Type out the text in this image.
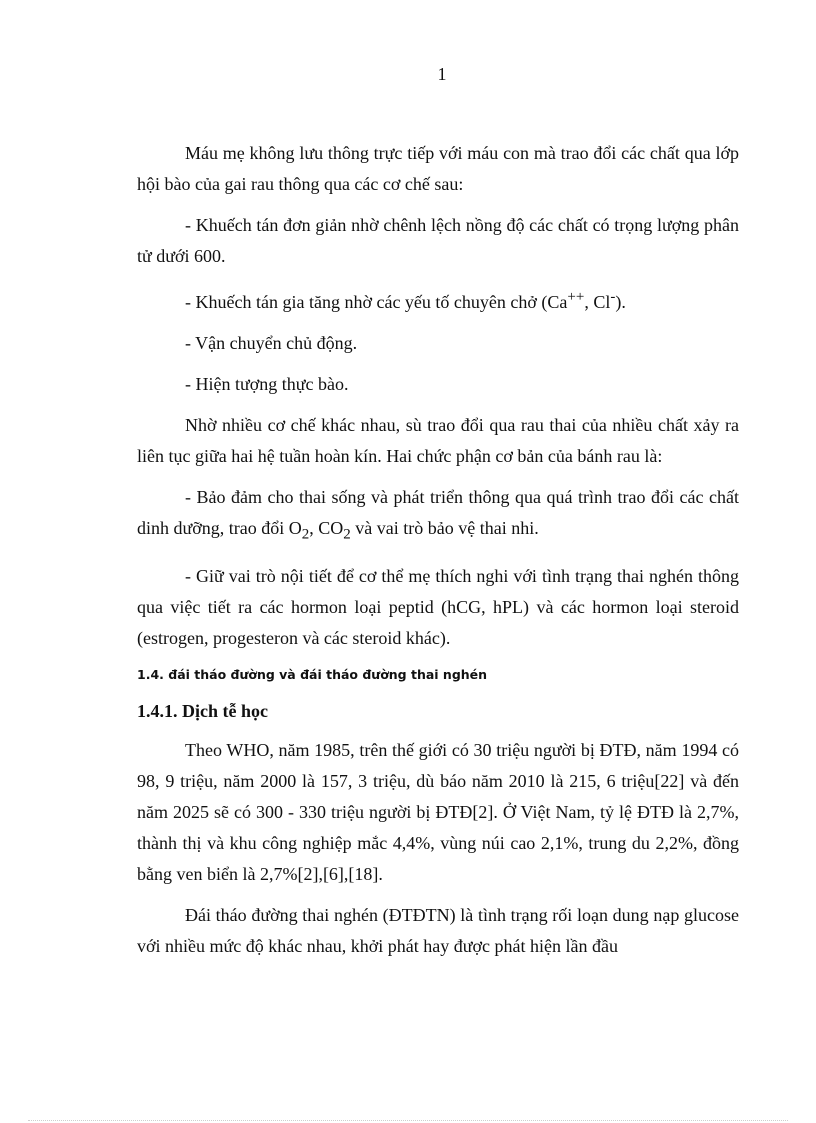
1

Máu mẹ không lưu thông trực tiếp với máu con mà trao đổi các chất qua lớp hội bào của gai rau thông qua các cơ chế sau:

- Khuếch tán đơn giản nhờ chênh lệch nồng độ các chất có trọng lượng phân tử dưới 600.

- Khuếch tán gia tăng nhờ các yếu tố chuyên chở (Ca++, Cl-).

- Vận chuyển chủ động.

- Hiện tượng thực bào.

Nhờ nhiều cơ chế khác nhau, sù trao đổi qua rau thai của nhiều chất xảy ra liên tục giữa hai hệ tuần hoàn kín. Hai chức phận cơ bản của bánh rau là:

- Bảo đảm cho thai sống và phát triển thông qua quá trình trao đổi các chất dinh dưỡng, trao đổi $O_2$, $CO_2$ và vai trò bảo vệ thai nhi.

- Giữ vai trò nội tiết để cơ thể mẹ thích nghi với tình trạng thai nghén thông qua việc tiết ra các hormon loại peptid (hCG, hPL) và các hormon loại steroid (estrogen, progesteron và các steroid khác).

1.4. đái tháo đường và đái tháo đường thai nghén
1.4.1. Dịch tễ học

Theo WHO, năm 1985, trên thế giới có 30 triệu người bị ĐTĐ, năm 1994 có 98, 9 triệu, năm 2000 là 157, 3 triệu, dù báo năm 2010 là 215, 6 triệu[22] và đến năm 2025 sẽ có 300 - 330 triệu người bị ĐTĐ[2]. Ở Việt Nam, tỷ lệ ĐTĐ là 2,7%, thành thị và khu công nghiệp mắc 4,4%, vùng núi cao 2,1%, trung du 2,2%, đồng bằng ven biển là 2,7%[2],[6],[18].

Đái tháo đường thai nghén (ĐTĐTN) là tình trạng rối loạn dung nạp glucose với nhiều mức độ khác nhau, khởi phát hay được phát hiện lần đầu
